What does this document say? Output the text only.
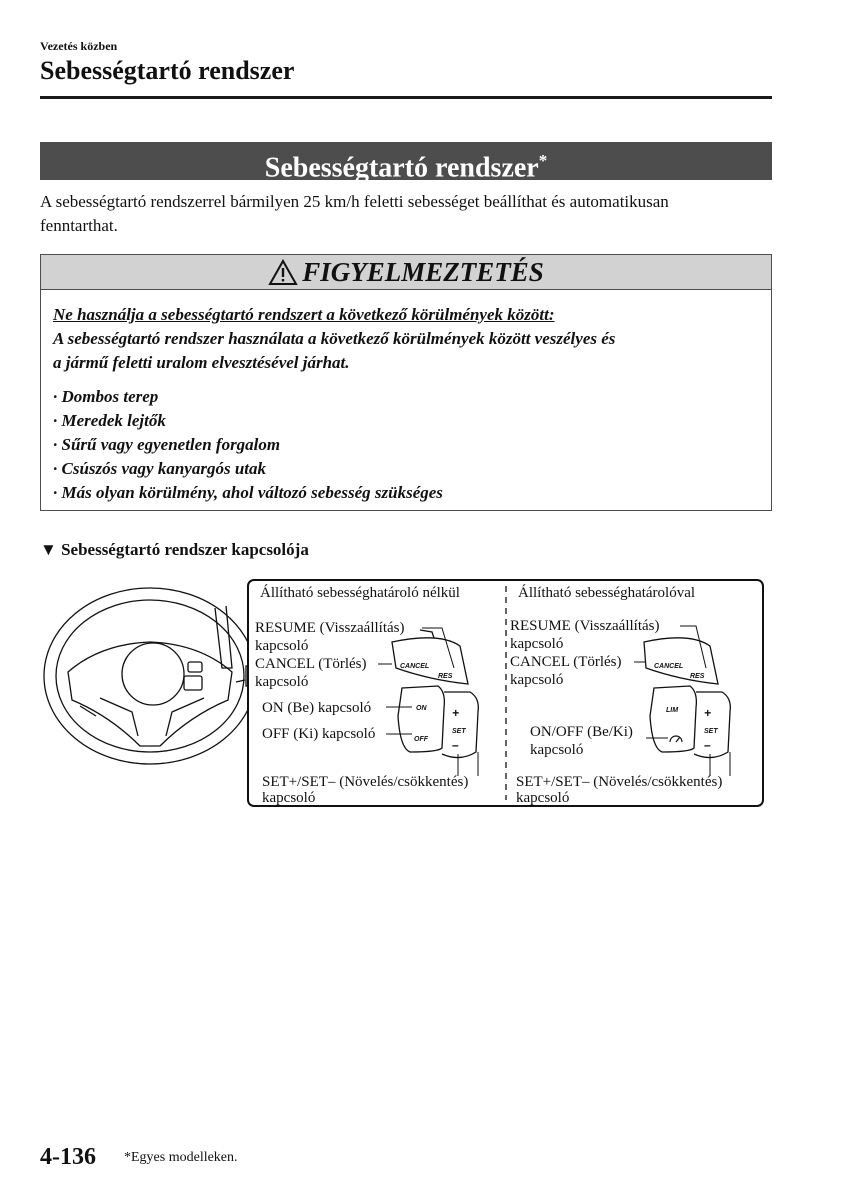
Vezetés közben
Sebességtartó rendszer
Sebességtartó rendszer*
A sebességtartó rendszerrel bármilyen 25 km/h feletti sebességet beállíthat és automatikusan
fenntarthat.
FIGYELMEZTETÉS
Ne használja a sebességtartó rendszert a következő körülmények között:
A sebességtartó rendszer használata a következő körülmények között veszélyes és
a jármű feletti uralom elvesztésével járhat.
· Dombos terep
· Meredek lejtők
· Sűrű vagy egyenetlen forgalom
· Csúszós vagy kanyargós utak
· Más olyan körülmény, ahol változó sebesség szükséges
▼ Sebességtartó rendszer kapcsolója
Állítható sebességhatároló nélkül
RESUME (Visszaállítás)
kapcsoló
CANCEL (Törlés)
kapcsoló
ON (Be) kapcsoló
OFF (Ki) kapcsoló
SET+/SET– (Növelés/csökkentés)
kapcsoló
CANCEL
RES
ON
OFF
+
SET
–
Állítható sebességhatárolóval
RESUME (Visszaállítás)
kapcsoló
CANCEL (Törlés)
kapcsoló
ON/OFF (Be/Ki)
kapcsoló
SET+/SET– (Növelés/csökkentés)
kapcsoló
CANCEL
RES
LIM +
SET
–
4-136 *Egyes modelleken.
